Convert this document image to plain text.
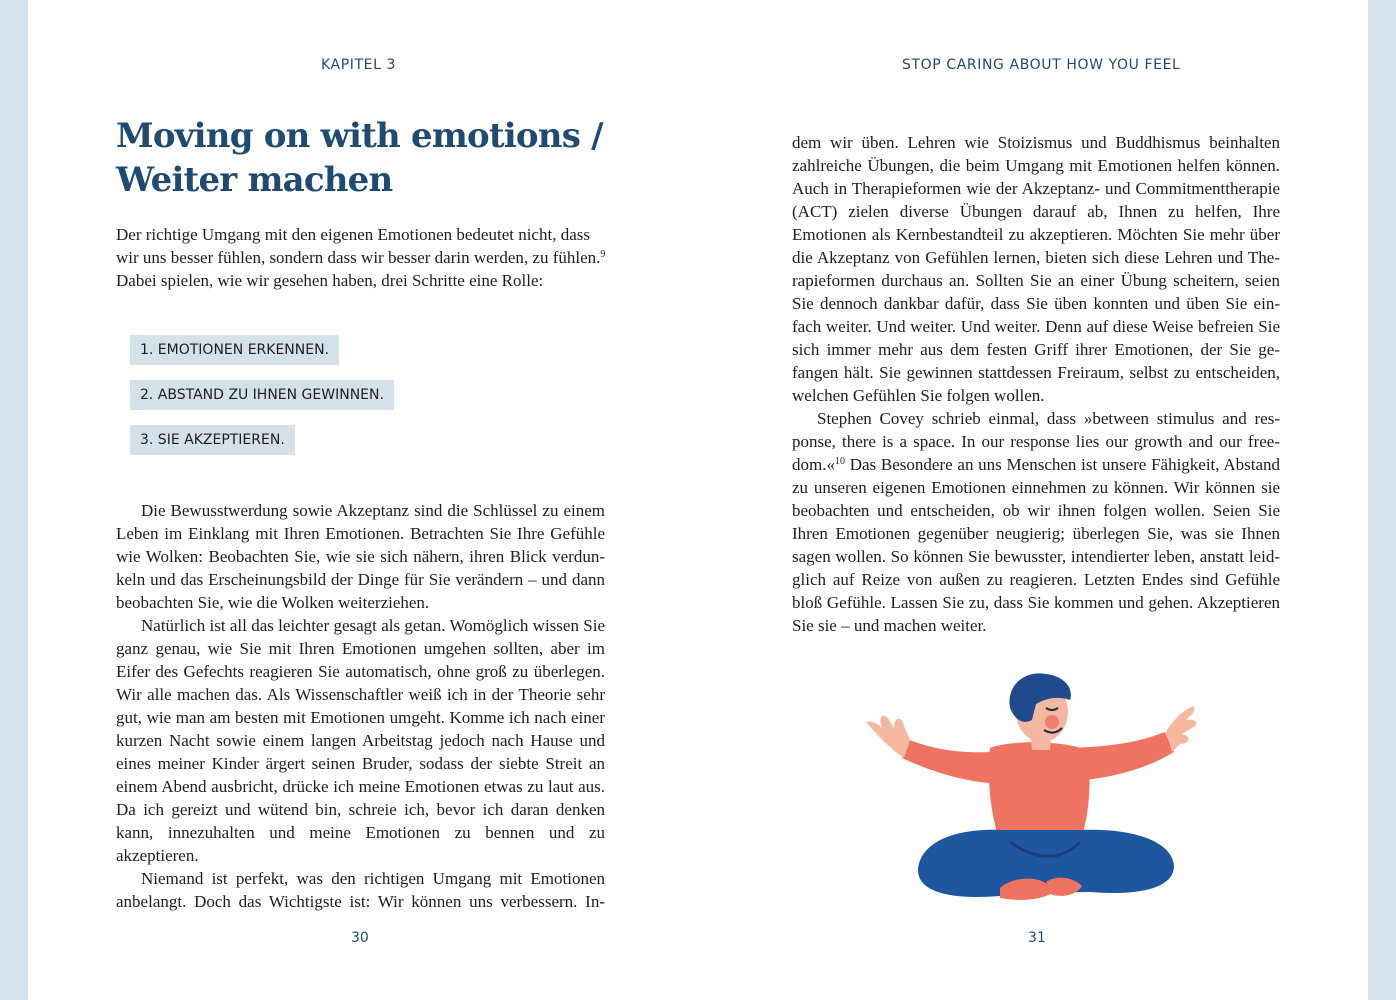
KAPITEL 3
Moving on with emotions /
Weiter machen

Der richtige Umgang mit den eigenen Emotionen bedeutet nicht, dass
wir uns besser fühlen, sondern dass wir besser darin werden, zu fühlen.$^9$
Dabei spielen, wie wir gesehen haben, drei Schritte eine Rolle:

1. EMOTIONEN ERKENNEN.
2. ABSTAND ZU IHNEN GEWINNEN.
3. SIE AKZEPTIEREN.

Die Bewusstwerdung sowie Akzeptanz sind die Schlüssel zu einem Leben im Einklang mit Ihren Emotionen. Betrachten Sie Ihre Gefühle wie Wolken: Beobachten Sie, wie sie sich nähern, ihren Blick verdunkeln und das Erscheinungsbild der Dinge für Sie verändern – und dann beobachten Sie, wie die Wolken weiterziehen.

Natürlich ist all das leichter gesagt als getan. Womöglich wissen Sie ganz genau, wie Sie mit Ihren Emotionen umgehen sollten, aber im Eifer des Gefechts reagieren Sie automatisch, ohne groß zu überlegen. Wir alle machen das. Als Wissenschaftler weiß ich in der Theorie sehr gut, wie man am besten mit Emotionen umgeht. Komme ich nach einer kurzen Nacht sowie einem langen Arbeitstag jedoch nach Hause und eines meiner Kinder ärgert seinen Bruder, sodass der siebte Streit an einem Abend ausbricht, drücke ich meine Emotionen etwas zu laut aus. Da ich gereizt und wütend bin, schreie ich, bevor ich daran denken kann, innezuhalten und meine Emotionen zu bennen und zu akzeptieren.

Niemand ist perfekt, was den richtigen Umgang mit Emotionen anbelangt. Doch das Wichtigste ist: Wir können uns verbessern. In-

30
STOP CARING ABOUT HOW YOU FEEL

dem wir üben. Lehren wie Stoizismus und Buddhismus beinhalten zahlreiche Übungen, die beim Umgang mit Emotionen helfen können. Auch in Therapieformen wie der Akzeptanz- und Commitmenttherapie (ACT) zielen diverse Übungen darauf ab, Ihnen zu helfen, Ihre Emotionen als Kernbestandteil zu akzeptieren. Möchten Sie mehr über die Akzeptanz von Gefühlen lernen, bieten sich diese Lehren und Therapieformen durchaus an. Sollten Sie an einer Übung scheitern, seien Sie dennoch dankbar dafür, dass Sie üben konnten und üben Sie einfach weiter. Und weiter. Und weiter. Denn auf diese Weise befreien Sie sich immer mehr aus dem festen Griff ihrer Emotionen, der Sie gefangen hält. Sie gewinnen stattdessen Freiraum, selbst zu entscheiden, welchen Gefühlen Sie folgen wollen.

Stephen Covey schrieb einmal, dass »between stimulus and response, there is a space. In our response lies our growth and our freedom.«$^{10}$ Das Besondere an uns Menschen ist unsere Fähigkeit, Abstand zu unseren eigenen Emotionen einnehmen zu können. Wir können sie beobachten und entscheiden, ob wir ihnen folgen wollen. Seien Sie Ihren Emotionen gegenüber neugierig; überlegen Sie, was sie Ihnen sagen wollen. So können Sie bewusster, intendierter leben, anstatt leidglich auf Reize von außen zu reagieren. Letzten Endes sind Gefühle bloß Gefühle. Lassen Sie zu, dass Sie kommen und gehen. Akzeptieren Sie sie – und machen weiter.

31
